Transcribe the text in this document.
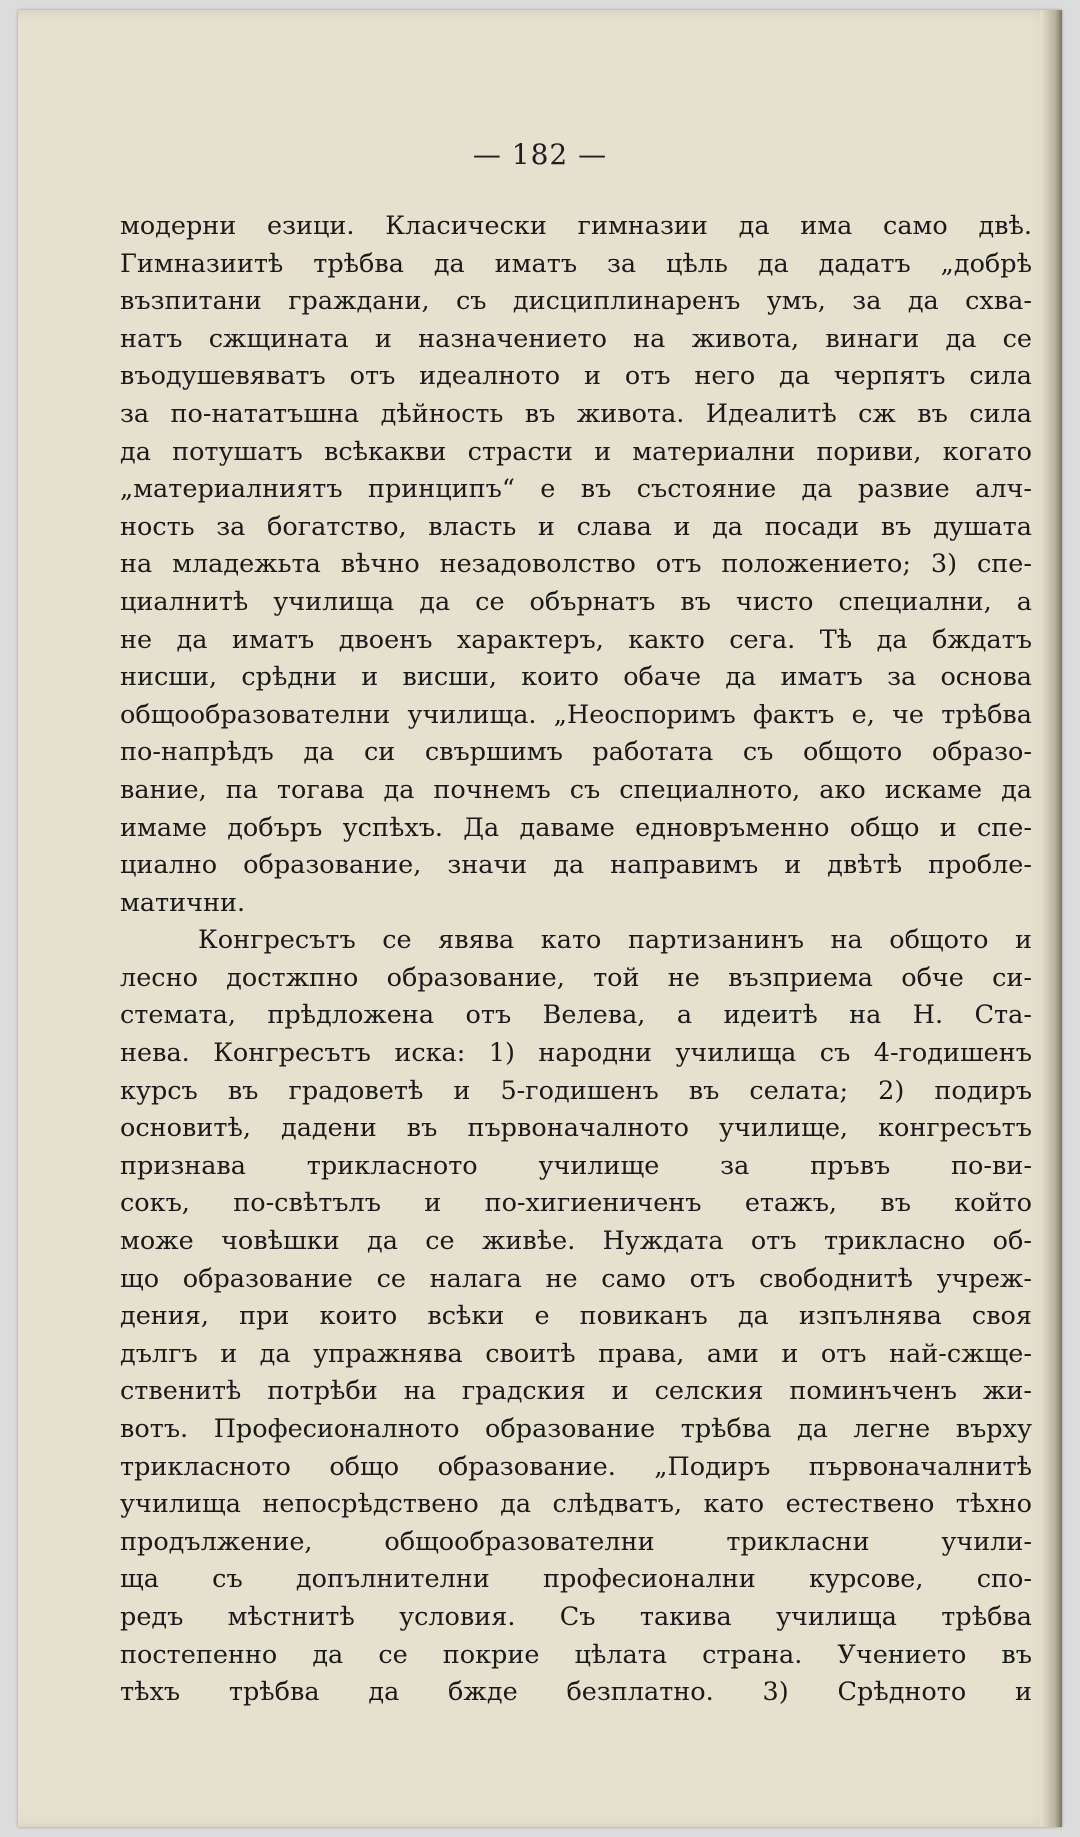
— 182 —
модерни езици. Класически гимназии да има само двѣ.
Гимназиитѣ трѣбва да иматъ за цѣль да дадатъ „добрѣ
възпитани граждани, съ дисциплинаренъ умъ, за да схва-
натъ сжщината и назначението на живота, винаги да се
въодушевяватъ отъ идеалното и отъ него да черпятъ сила
за по-нататъшна дѣйность въ живота. Идеалитѣ сж въ сила
да потушатъ всѣкакви страсти и материални пориви, когато
„материалниятъ принципъ“ е въ състояние да развие алч-
ность за богатство, власть и слава и да посади въ душата
на младежьта вѣчно незадоволство отъ положението; 3) спе-
циалнитѣ училища да се обърнатъ въ чисто специални, а
не да иматъ двоенъ характеръ, както сега. Тѣ да бждатъ
нисши, срѣдни и висши, които обаче да иматъ за основа
общообразователни училища. „Неоспоримъ фактъ е, че трѣбва
по-напрѣдъ да си свършимъ работата съ общото образо-
вание, па тогава да почнемъ съ специалното, ако искаме да
имаме добъръ успѣхъ. Да даваме едновръменно общо и спе-
циално образование, значи да направимъ и двѣтѣ пробле-
матични.
Конгресътъ се явява като партизанинъ на общото и
лесно достжпно образование, той не възприема обче си-
стемата, прѣдложена отъ Велева, а идеитѣ на Н. Ста-
нева. Конгресътъ иска: 1) народни училища съ 4-годишенъ
курсъ въ градоветѣ и 5-годишенъ въ селата; 2) подиръ
основитѣ, дадени въ първоначалното училище, конгресътъ
признава трикласното училище за пръвъ по-ви-
сокъ, по-свѣтълъ и по-хигиениченъ етажъ, въ който
може човѣшки да се живѣе. Нуждата отъ трикласно об-
що образование се налага не само отъ свободнитѣ учреж-
дения, при които всѣки е повиканъ да изпълнява своя
дългъ и да упражнява своитѣ права, ами и отъ най-сжще-
ственитѣ потрѣби на градския и селския поминъченъ жи-
вотъ. Професионалното образование трѣбва да легне върху
трикласното общо образование. „Подиръ първоначалнитѣ
училища непосрѣдствено да слѣдватъ, като естествено тѣхно
продължение, общообразователни трикласни учили-
ща съ допълнителни професионални курсове, спо-
редъ мѣстнитѣ условия. Съ такива училища трѣбва
постепенно да се покрие цѣлата страна. Учението въ
тѣхъ трѣбва да бжде безплатно. 3) Срѣдното и
